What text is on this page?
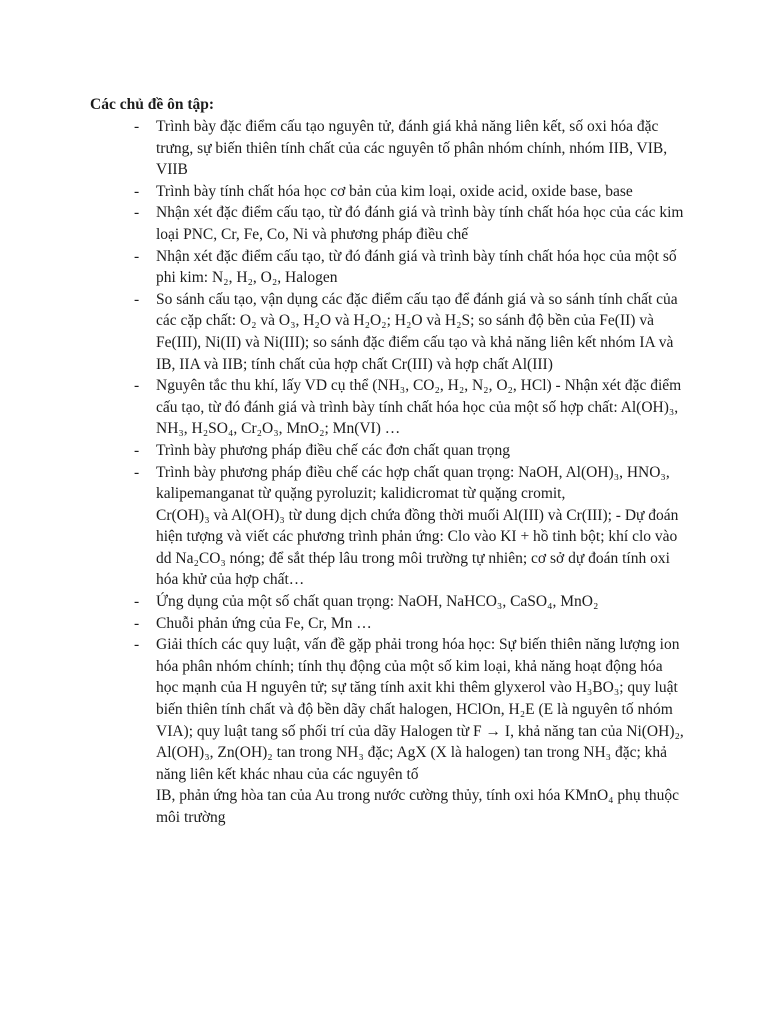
Các chủ đề ôn tập:
- Trình bày đặc điểm cấu tạo nguyên tử, đánh giá khả năng liên kết, số oxi hóa đặc trưng, sự biến thiên tính chất của các nguyên tố phân nhóm chính, nhóm IIB, VIB, VIIB

- Trình bày tính chất hóa học cơ bản của kim loại, oxide acid, oxide base, base

- Nhận xét đặc điểm cấu tạo, từ đó đánh giá và trình bày tính chất hóa học của các kim loại PNC, Cr, Fe, Co, Ni và phương pháp điều chế

- Nhận xét đặc điểm cấu tạo, từ đó đánh giá và trình bày tính chất hóa học của một số phi kim: N₂, H₂, O₂, Halogen

- So sánh cấu tạo, vận dụng các đặc điểm cấu tạo để đánh giá và so sánh tính chất của các cặp chất: O₂ và O₃, H₂O và H₂O₂; H₂O và H₂S; so sánh độ bền của Fe(II) và Fe(III), Ni(II) và Ni(III); so sánh đặc điểm cấu tạo và khả năng liên kết nhóm IA và IB, IIA và IIB; tính chất của hợp chất Cr(III) và hợp chất Al(III)

- Nguyên tắc thu khí, lấy VD cụ thể (NH₃, CO₂, H₂, N₂, O₂, HCl) - Nhận xét đặc điểm cấu tạo, từ đó đánh giá và trình bày tính chất hóa học của một số hợp chất: Al(OH)₃, NH₃, H₂SO₄, Cr₂O₃, MnO₂; Mn(VI) …

- Trình bày phương pháp điều chế các đơn chất quan trọng

- Trình bày phương pháp điều chế các hợp chất quan trọng: NaOH, Al(OH)₃, HNO₃, kalipemanganat từ quặng pyroluzit; kalidicromat từ quặng cromit,

Cr(OH)₃ và Al(OH)₃ từ dung dịch chứa đồng thời muối Al(III) và Cr(III); - Dự đoán hiện tượng và viết các phương trình phản ứng: Clo vào KI + hồ tinh bột; khí clo vào dd Na₂CO₃ nóng; để sắt thép lâu trong môi trường tự nhiên; cơ sở dự đoán tính oxi hóa khử của hợp chất…

- Ứng dụng của một số chất quan trọng: NaOH, NaHCO₃, CaSO₄, MnO₂

- Chuỗi phản ứng của Fe, Cr, Mn …

- Giải thích các quy luật, vấn đề gặp phải trong hóa học: Sự biến thiên năng lượng ion hóa phân nhóm chính; tính thụ động của một số kim loại, khả năng hoạt động hóa học mạnh của H nguyên tử; sự tăng tính axit khi thêm glyxerol vào H₃BO₃; quy luật biến thiên tính chất và độ bền dãy chất halogen, HClOn, H₂E (E là nguyên tố nhóm VIA); quy luật tang số phối trí của dãy Halogen từ F → I, khả năng tan của Ni(OH)₂, Al(OH)₃, Zn(OH)₂ tan trong NH₃ đặc; AgX (X là halogen) tan trong NH₃ đặc; khả năng liên kết khác nhau của các nguyên tố

IB, phản ứng hòa tan của Au trong nước cường thủy, tính oxi hóa KMnO₄ phụ thuộc môi trường
